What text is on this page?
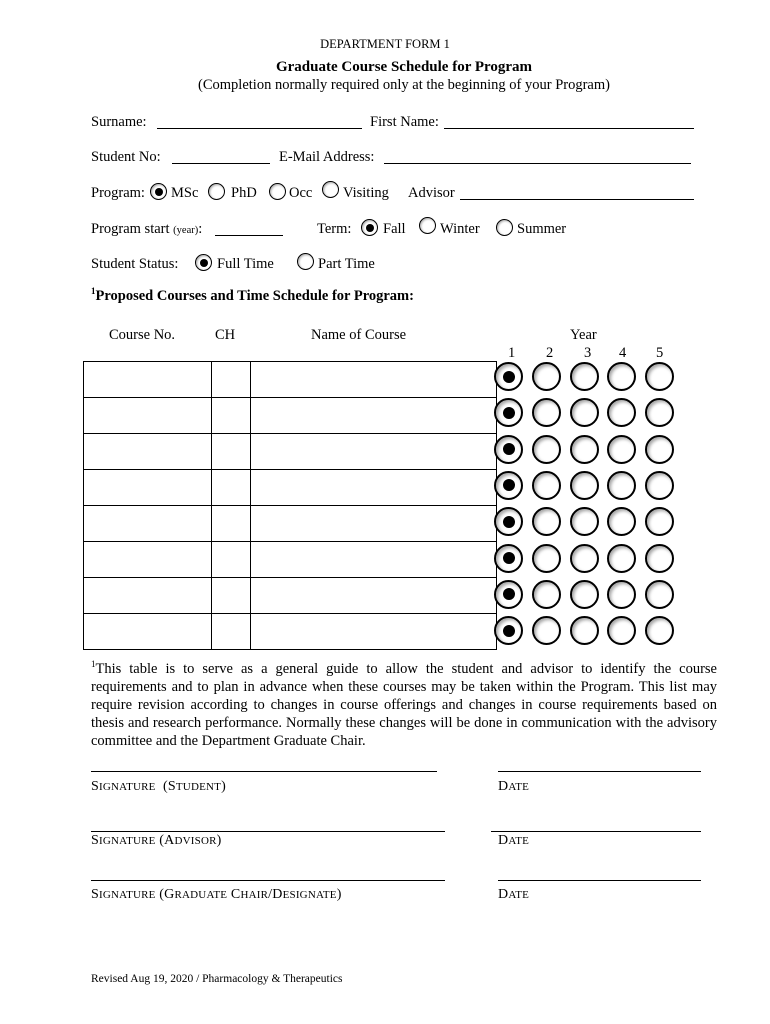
DEPARTMENT FORM 1
Graduate Course Schedule for Program
(Completion normally required only at the beginning of your Program)
Surname:	First Name:
Student No:	E-Mail Address:
Program: MSc PhD Occ Visiting Advisor
Program start (year):	Term: Fall Winter	Summer
Student Status:	Full Time	Part Time
$^1$Proposed Courses and Time Schedule for Program:
Course No.	CH	Name of Course	Year
1 2 3 4 5

$^1$This table is to serve as a general guide to allow the student and advisor to identify the course requirements and to plan in advance when these courses may be taken within the Program. This list may require revision according to changes in course offerings and changes in course requirements based on thesis and research performance. Normally these changes will be done in communication with the advisory committee and the Department Graduate Chair.
SIGNATURE  (STUDENT)	DATE
SIGNATURE (ADVISOR)	DATE
SIGNATURE (GRADUATE CHAIR/DESIGNATE)	DATE
Revised Aug 19, 2020 / Pharmacology & Therapeutics
